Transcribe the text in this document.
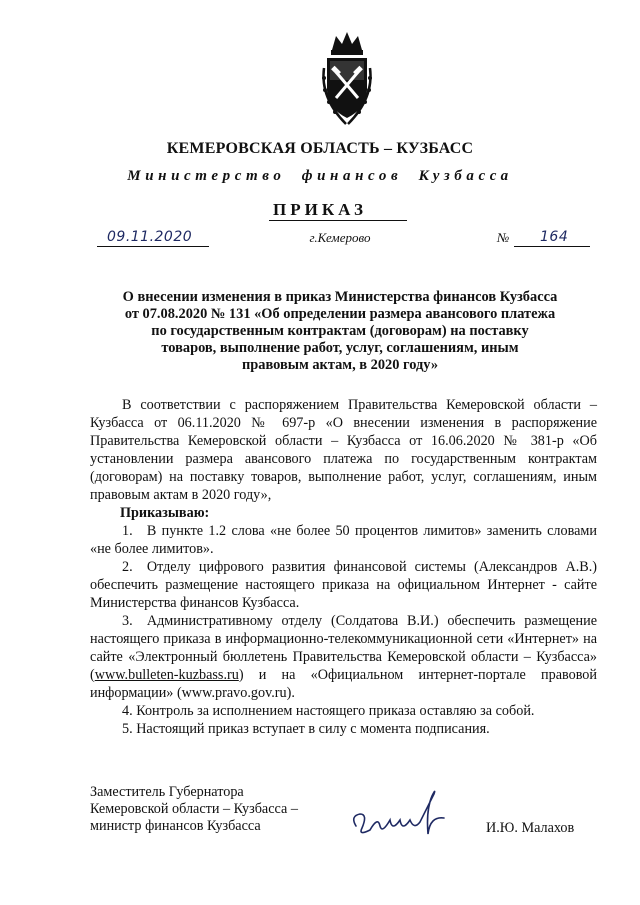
КЕМЕРОВСКАЯ ОБЛАСТЬ – КУЗБАСС
Министерство финансов Кузбасса
ПРИКАЗ
09.11.2020	г.Кемерово	№ 164
О внесении изменения в приказ Министерства финансов Кузбасса
от 07.08.2020 № 131 «Об определении размера авансового платежа
по государственным контрактам (договорам) на поставку
товаров, выполнение работ, услуг, соглашениям, иным
правовым актам, в 2020 году»

В соответствии с распоряжением Правительства Кемеровской области – Кузбасса от 06.11.2020 № 697-р «О внесении изменения в распоряжение Правительства Кемеровской области – Кузбасса от 16.06.2020 № 381-р «Об установлении размера авансового платежа по государственным контрактам (договорам) на поставку товаров, выполнение работ, услуг, соглашениям, иным правовым актам в 2020 году»,

Приказываю:

1. В пункте 1.2 слова «не более 50 процентов лимитов» заменить словами «не более лимитов».

2. Отделу цифрового развития финансовой системы (Александров А.В.) обеспечить размещение настоящего приказа на официальном Интернет - сайте Министерства финансов Кузбасса.

3. Административному отделу (Солдатова В.И.) обеспечить размещение настоящего приказа в информационно-телекоммуникационной сети «Интернет» на сайте «Электронный бюллетень Правительства Кемеровской области – Кузбасса» (www.bulleten-kuzbass.ru) и на «Официальном интернет-портале правовой информации» (www.pravo.gov.ru).

4. Контроль за исполнением настоящего приказа оставляю за собой.

5. Настоящий приказ вступает в силу с момента подписания.

Заместитель Губернатора
Кемеровской области – Кузбасса –
министр финансов Кузбасса	И.Ю. Малахов
